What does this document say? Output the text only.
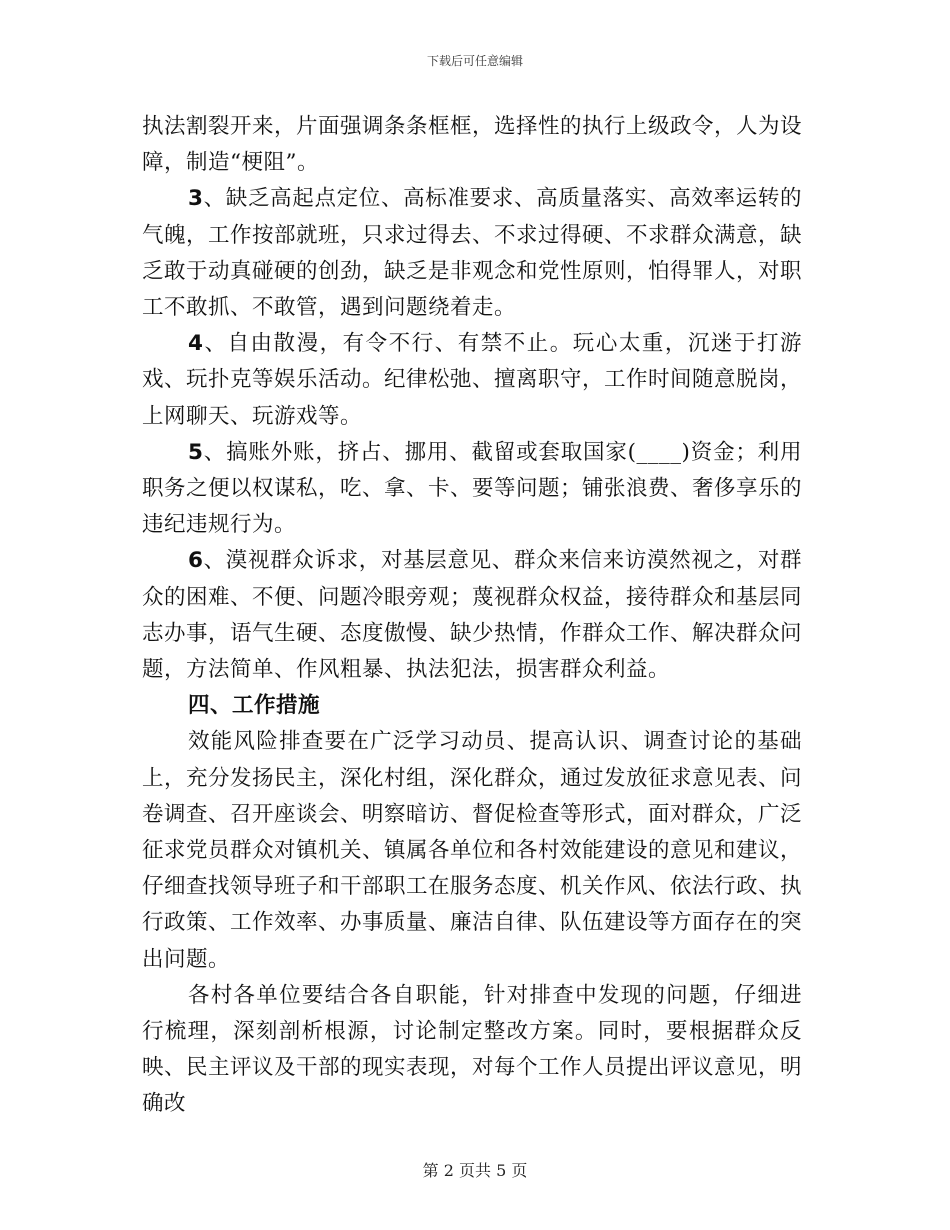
下载后可任意编辑

执法割裂开来，片面强调条条框框，选择性的执行上级政令，人为设障，制造“梗阻”。

3、缺乏高起点定位、高标准要求、高质量落实、高效率运转的气魄，工作按部就班，只求过得去、不求过得硬、不求群众满意，缺乏敢于动真碰硬的创劲，缺乏是非观念和党性原则，怕得罪人，对职工不敢抓、不敢管，遇到问题绕着走。

4、自由散漫，有令不行、有禁不止。玩心太重，沉迷于打游戏、玩扑克等娱乐活动。纪律松弛、擅离职守，工作时间随意脱岗，上网聊天、玩游戏等。

5、搞账外账，挤占、挪用、截留或套取国家(____)资金；利用职务之便以权谋私，吃、拿、卡、要等问题；铺张浪费、奢侈享乐的违纪违规行为。

6、漠视群众诉求，对基层意见、群众来信来访漠然视之，对群众的困难、不便、问题冷眼旁观；蔑视群众权益，接待群众和基层同志办事，语气生硬、态度傲慢、缺少热情，作群众工作、解决群众问题，方法简单、作风粗暴、执法犯法，损害群众利益。

四、工作措施

效能风险排查要在广泛学习动员、提高认识、调查讨论的基础上，充分发扬民主，深化村组，深化群众，通过发放征求意见表、问卷调查、召开座谈会、明察暗访、督促检查等形式，面对群众，广泛征求党员群众对镇机关、镇属各单位和各村效能建设的意见和建议，仔细查找领导班子和干部职工在服务态度、机关作风、依法行政、执行政策、工作效率、办事质量、廉洁自律、队伍建设等方面存在的突出问题。

各村各单位要结合各自职能，针对排查中发现的问题，仔细进行梳理，深刻剖析根源，讨论制定整改方案。同时，要根据群众反映、民主评议及干部的现实表现，对每个工作人员提出评议意见，明确改

第 2 页共 5 页
